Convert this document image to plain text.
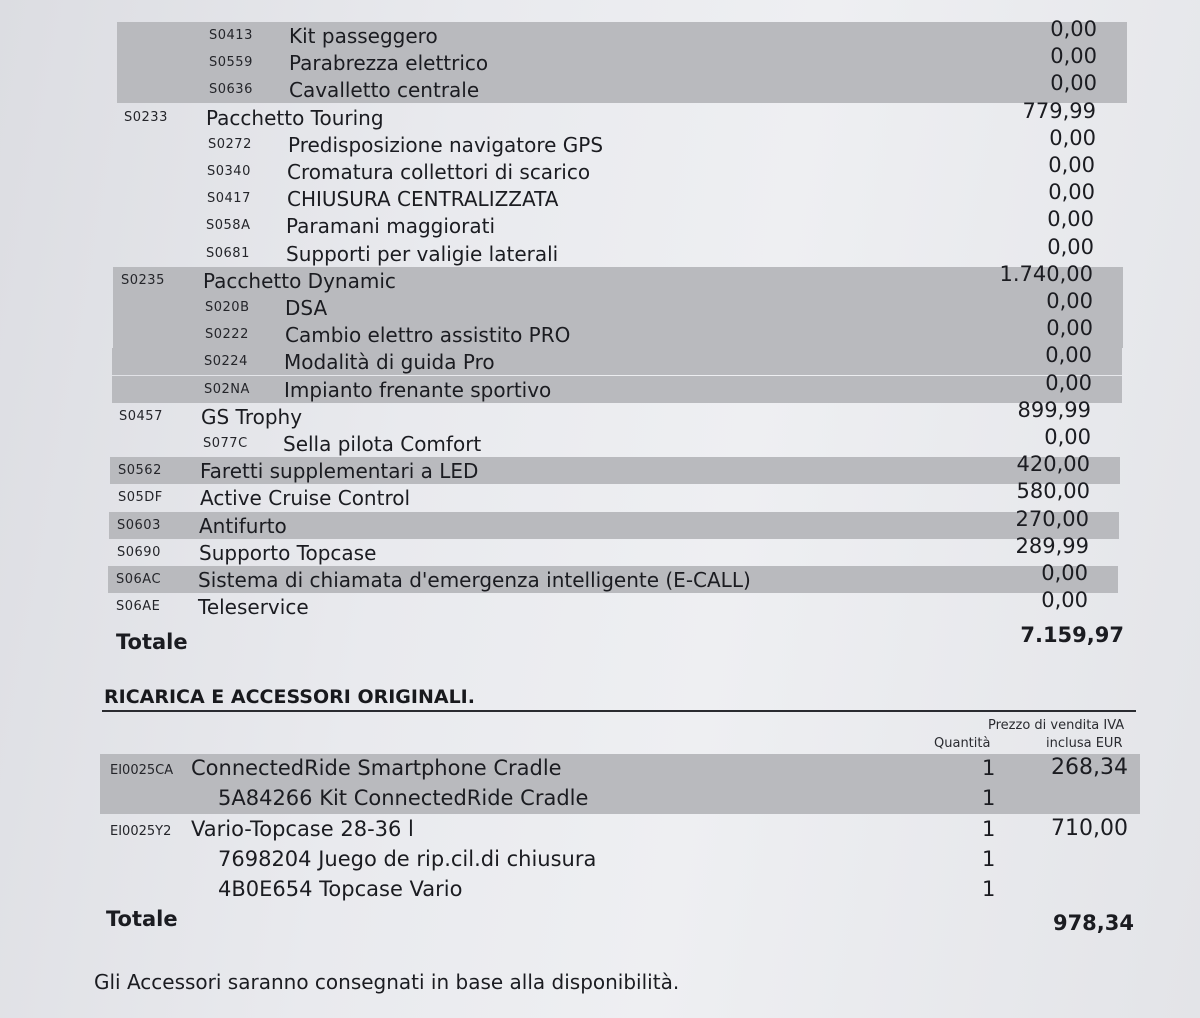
S0413 Kit passeggero	0,00
S0559 Parabrezza elettrico	0,00
S0636 Cavalletto centrale	0,00
S0233 Pacchetto Touring	779,99
S0272 Predisposizione navigatore GPS	0,00
S0340 Cromatura collettori di scarico	0,00
S0417 CHIUSURA CENTRALIZZATA	0,00
S058A Paramani maggiorati	0,00
S0681 Supporti per valigie laterali	0,00
S0235 Pacchetto Dynamic	1.740,00
S020B DSA	0,00
S0222 Cambio elettro assistito PRO	0,00
S0224 Modalità di guida Pro	0,00
S02NA Impianto frenante sportivo	0,00
S0457 GS Trophy	899,99
S077C Sella pilota Comfort	0,00
S0562 Faretti supplementari a LED	420,00
S05DF Active Cruise Control	580,00
S0603 Antifurto	270,00
S0690 Supporto Topcase	289,99
S06AC Sistema di chiamata d'emergenza intelligente (E-CALL)	0,00
S06AE Teleservice	0,00
Totale	7.159,97
RICARICA E ACCESSORI ORIGINALI.
Quantità
Prezzo di vendita IVA
inclusa EUR
EI0025CA ConnectedRide Smartphone Cradle	1	268,34
5A84266 Kit ConnectedRide Cradle	1
EI0025Y2 Vario-Topcase 28-36 l	1	710,00
7698204 Juego de rip.cil.di chiusura	1
4B0E654 Topcase Vario	1
Totale	978,34
Gli Accessori saranno consegnati in base alla disponibilità.
